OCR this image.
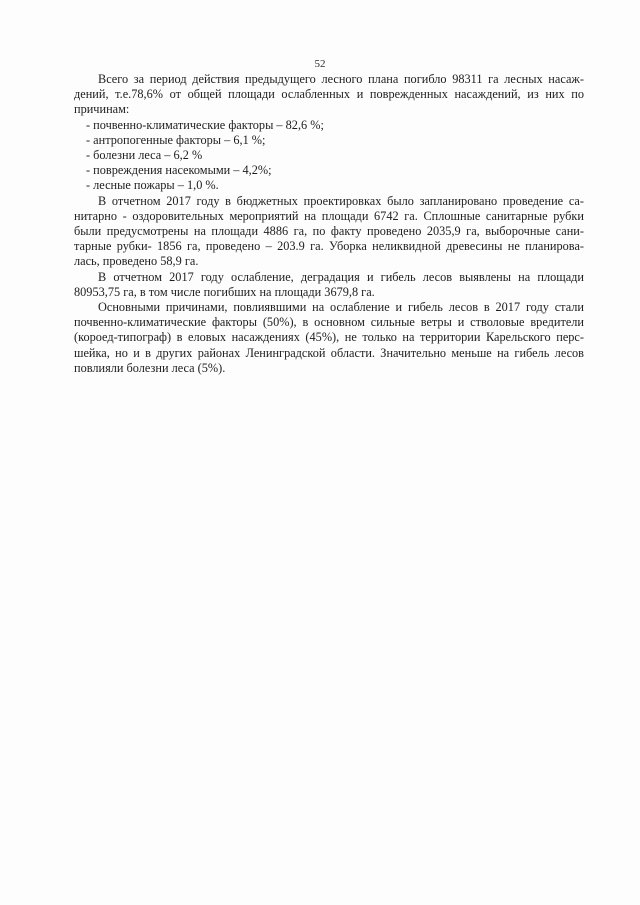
52
Всего за период действия предыдущего лесного плана погибло 98311 га лесных насаж-
дений, т.е.78,6% от общей площади ослабленных и поврежденных насаждений, из них по
причинам:
- почвенно-климатические факторы – 82,6 %;
- антропогенные факторы – 6,1 %;
- болезни леса – 6,2 %
- повреждения насекомыми – 4,2%;
- лесные пожары – 1,0 %.
В отчетном 2017 году в бюджетных проектировках было запланировано проведение са-
нитарно - оздоровительных мероприятий на площади 6742 га. Сплошные санитарные рубки
были предусмотрены на площади 4886 га, по факту проведено 2035,9 га, выборочные сани-
тарные рубки- 1856 га, проведено – 203.9 га. Уборка неликвидной древесины не планирова-
лась, проведено 58,9 га.
В отчетном 2017 году ослабление, деградация и гибель лесов выявлены на площади
80953,75 га, в том числе погибших на площади 3679,8 га.
Основными причинами, повлиявшими на ослабление и гибель лесов в 2017 году стали
почвенно-климатические факторы (50%), в основном сильные ветры и стволовые вредители
(короед-типограф) в еловых насаждениях (45%), не только на территории Карельского перс-
шейка, но и в других районах Ленинградской области. Значительно меньше на гибель лесов
повлияли болезни леса (5%).
